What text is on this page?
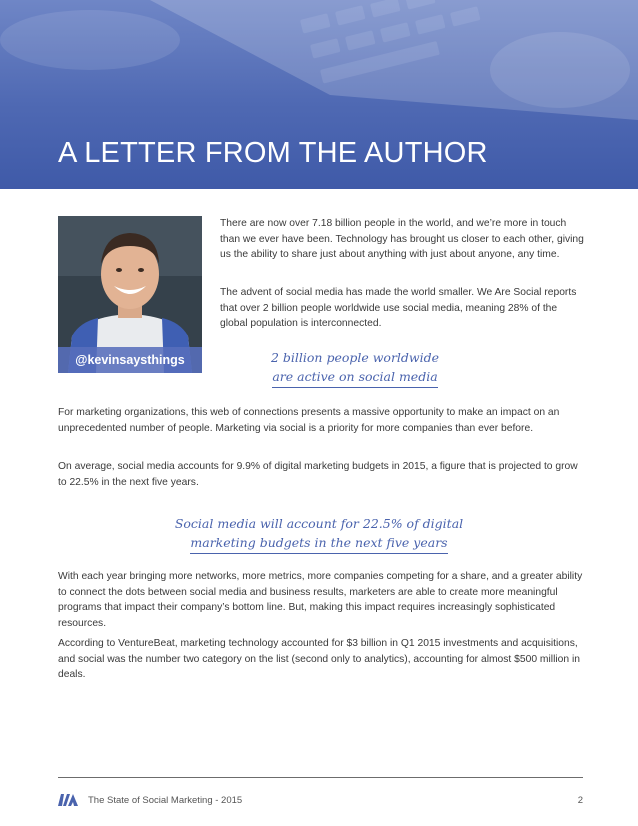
A LETTER FROM THE AUTHOR
@kevinsaysthings
There are now over 7.18 billion people in the world, and we’re more in touch than we ever have been. Technology has brought us closer to each other, giving us the ability to share just about anything with just about anyone, any time.
The advent of social media has made the world smaller. We Are Social reports that over 2 billion people worldwide use social media, meaning 28% of the global population is interconnected.
2 billion people worldwide
are active on social media
For marketing organizations, this web of connections presents a massive opportunity to make an impact on an unprecedented number of people. Marketing via social is a priority for more companies than ever before.
On average, social media accounts for 9.9% of digital marketing budgets in 2015, a figure that is projected to grow to 22.5% in the next five years.
Social media will account for 22.5% of digital
marketing budgets in the next five years
With each year bringing more networks, more metrics, more companies competing for a share, and a greater ability to connect the dots between social media and business results, marketers are able to create more meaningful programs that impact their company’s bottom line. But, making this impact requires increasingly sophisticated resources.
According to VentureBeat, marketing technology accounted for $3 billion in Q1 2015 investments and acquisitions, and social was the number two category on the list (second only to analytics), accounting for almost $500 million in deals.
The State of Social Marketing - 2015	2
